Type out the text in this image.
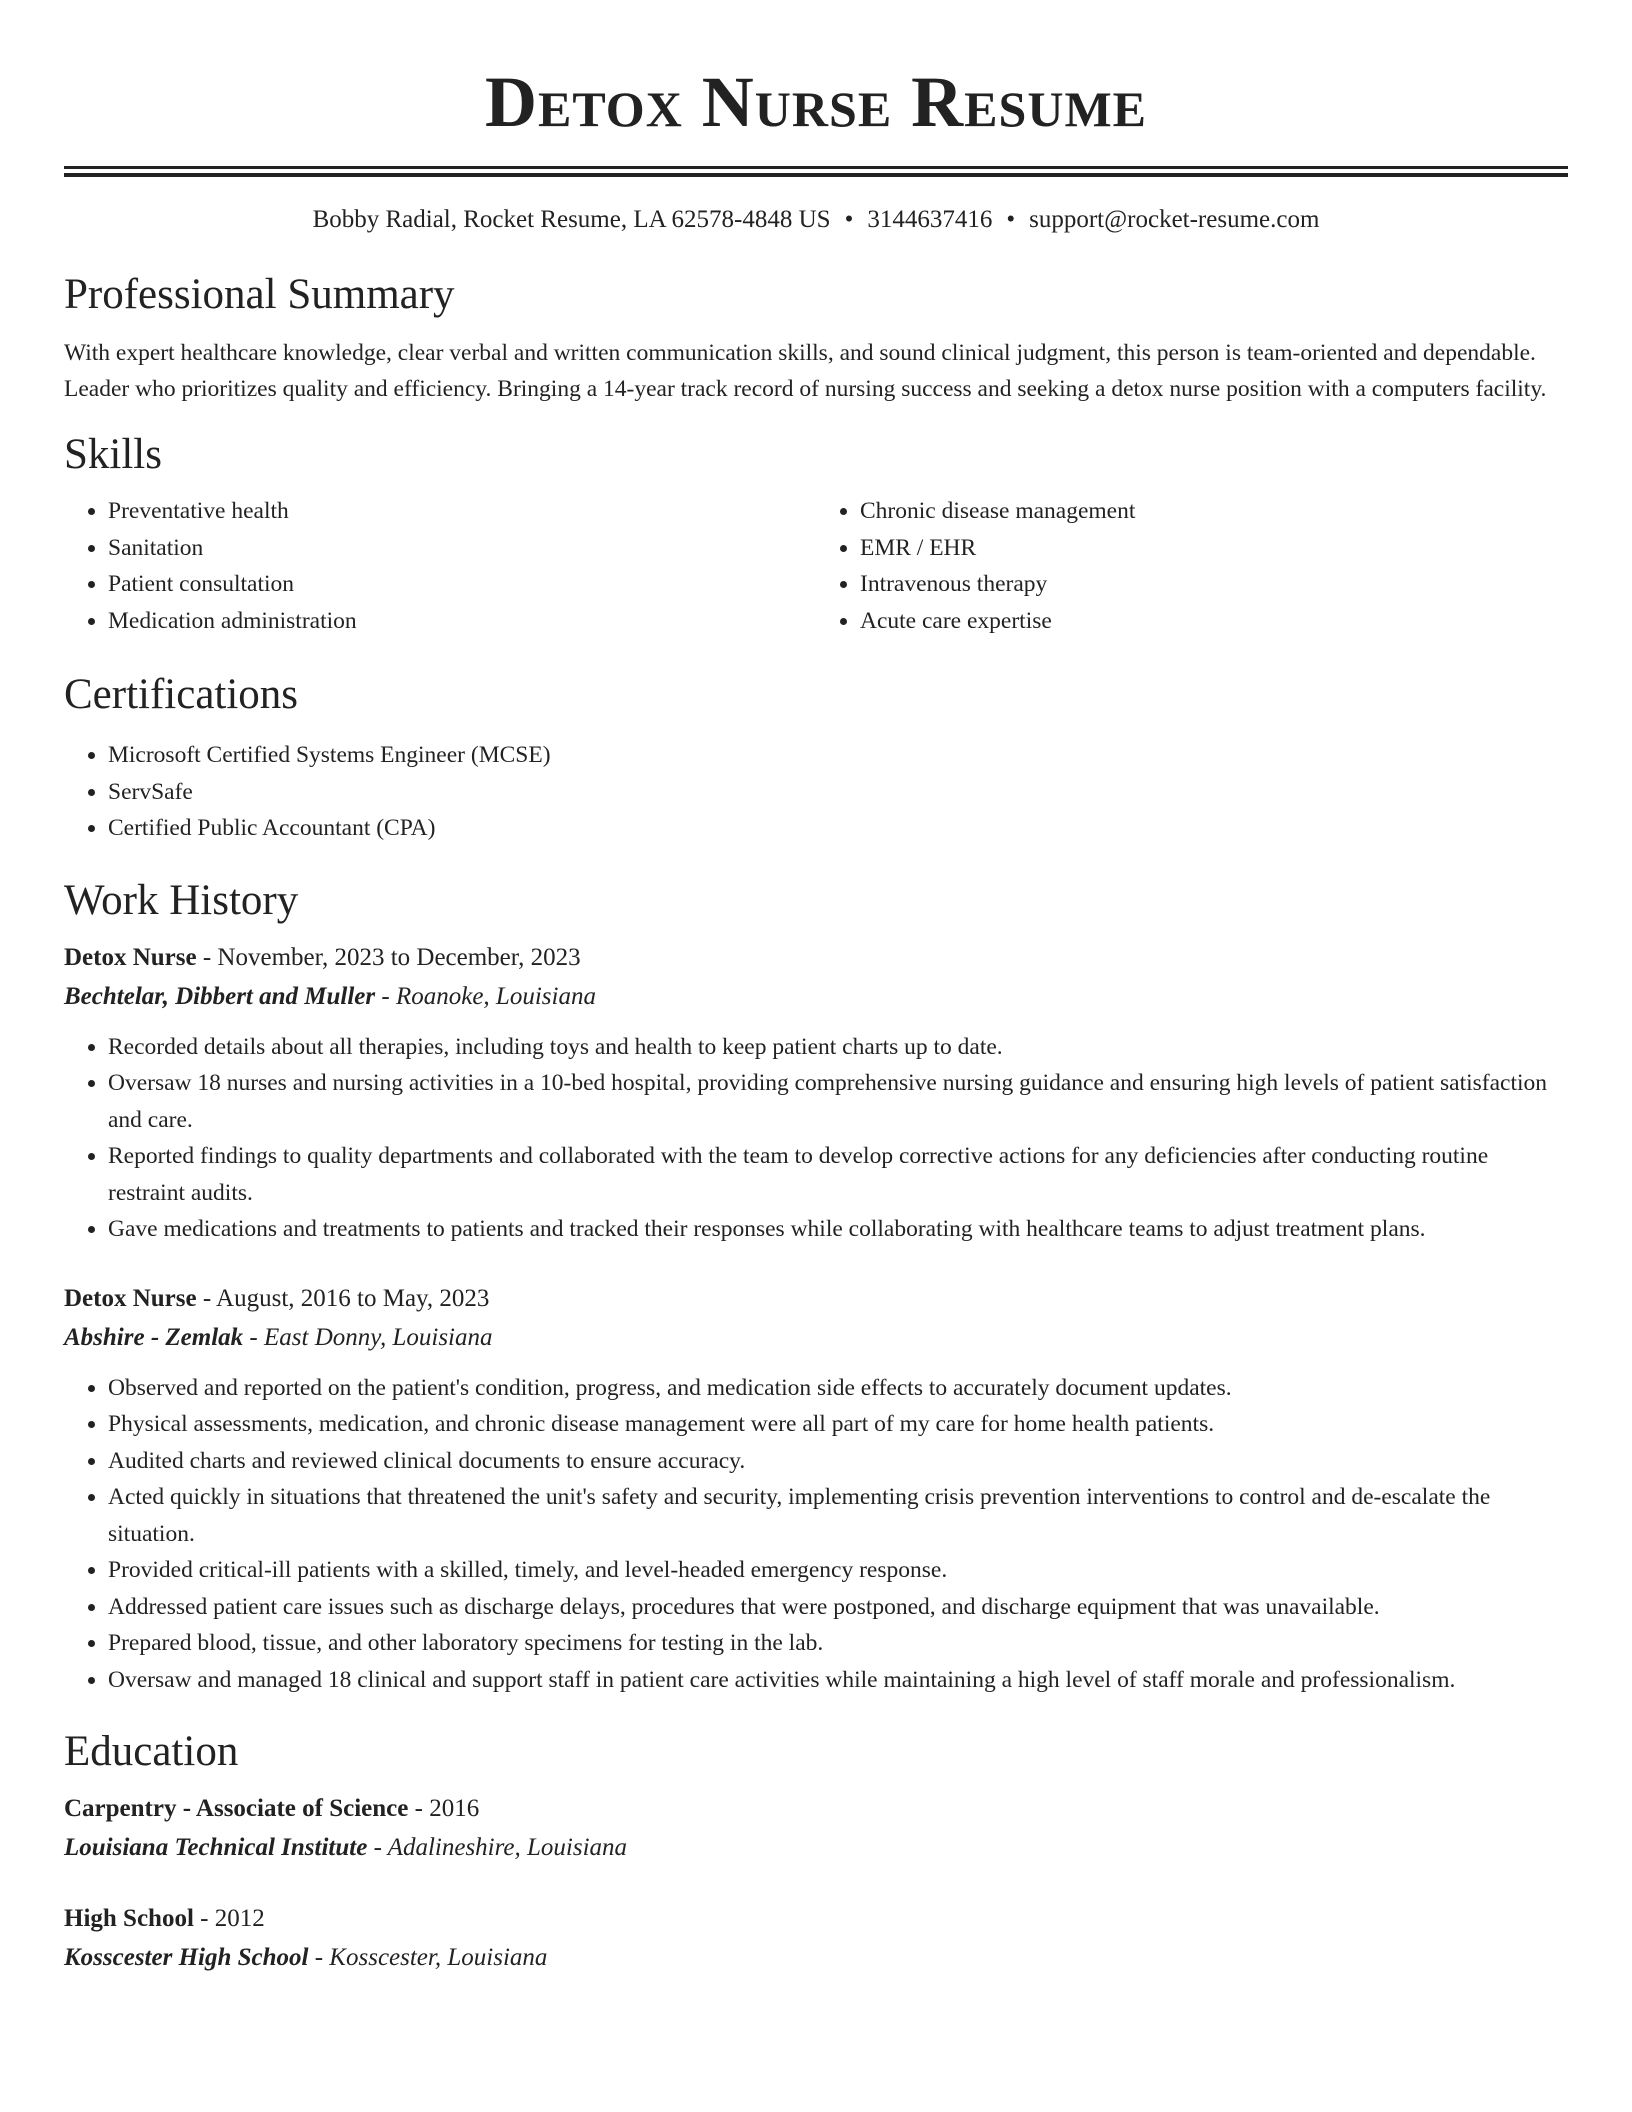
Detox Nurse Resume
Bobby Radial, Rocket Resume, LA 62578-4848 US • 3144637416 • support@rocket-resume.com
Professional Summary

With expert healthcare knowledge, clear verbal and written communication skills, and sound clinical judgment, this person is team-oriented and dependable. Leader who prioritizes quality and efficiency. Bringing a 14-year track record of nursing success and seeking a detox nurse position with a computers facility.

Skills
• Preventative health
• Sanitation
• Patient consultation
• Medication administration
• Chronic disease management
• EMR / EHR
• Intravenous therapy
• Acute care expertise
Certifications
• Microsoft Certified Systems Engineer (MCSE)
• ServSafe
• Certified Public Accountant (CPA)
Work History
Detox Nurse - November, 2023 to December, 2023
Bechtelar, Dibbert and Muller - Roanoke, Louisiana
• Recorded details about all therapies, including toys and health to keep patient charts up to date.
• Oversaw 18 nurses and nursing activities in a 10-bed hospital, providing comprehensive nursing guidance and ensuring high levels of patient satisfaction and care.
• Reported findings to quality departments and collaborated with the team to develop corrective actions for any deficiencies after conducting routine restraint audits.
• Gave medications and treatments to patients and tracked their responses while collaborating with healthcare teams to adjust treatment plans.
Detox Nurse - August, 2016 to May, 2023
Abshire - Zemlak - East Donny, Louisiana
• Observed and reported on the patient's condition, progress, and medication side effects to accurately document updates.
• Physical assessments, medication, and chronic disease management were all part of my care for home health patients.
• Audited charts and reviewed clinical documents to ensure accuracy.
• Acted quickly in situations that threatened the unit's safety and security, implementing crisis prevention interventions to control and de-escalate the situation.
• Provided critical-ill patients with a skilled, timely, and level-headed emergency response.
• Addressed patient care issues such as discharge delays, procedures that were postponed, and discharge equipment that was unavailable.
• Prepared blood, tissue, and other laboratory specimens for testing in the lab.
• Oversaw and managed 18 clinical and support staff in patient care activities while maintaining a high level of staff morale and professionalism.
Education
Carpentry - Associate of Science - 2016
Louisiana Technical Institute - Adalineshire, Louisiana
High School - 2012
Kosscester High School - Kosscester, Louisiana
